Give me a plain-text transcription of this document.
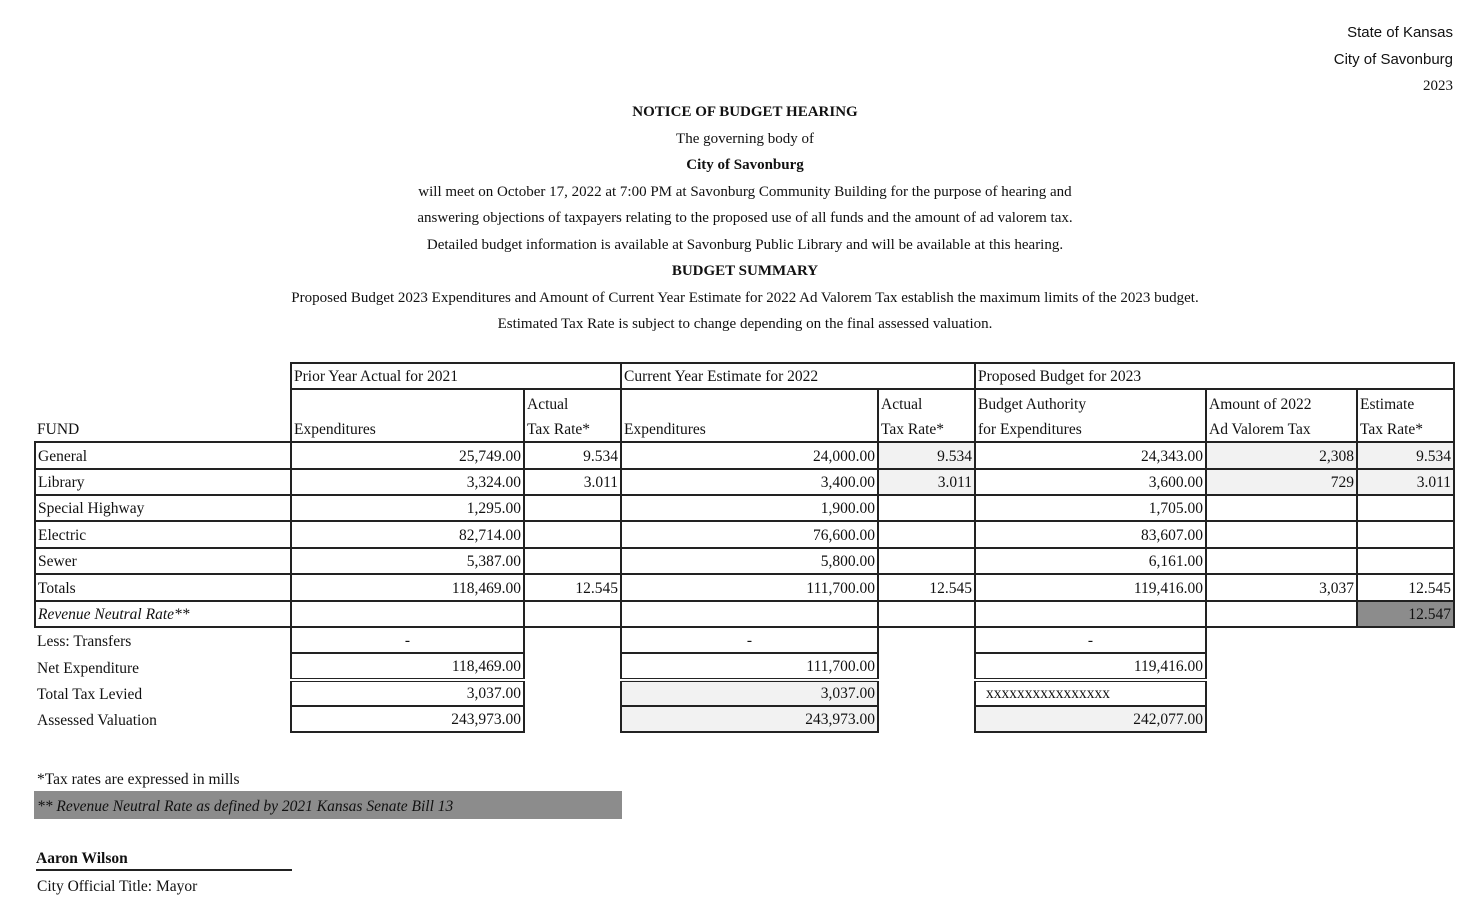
State of Kansas
City of Savonburg
2023
NOTICE OF BUDGET HEARING
The governing body of
City of Savonburg
will meet on October 17, 2022 at 7:00 PM at Savonburg Community Building for the purpose of hearing and
answering objections of taxpayers relating to the proposed use of all funds and the amount of ad valorem tax.
Detailed budget information is available at Savonburg Public Library and will be available at this hearing.
BUDGET SUMMARY
Proposed Budget 2023 Expenditures and Amount of Current Year Estimate for 2022 Ad Valorem Tax establish the maximum limits of the 2023 budget.
Estimated Tax Rate is subject to change depending on the final assessed valuation.
	Prior Year Actual for 2021		Current Year Estimate for 2022		Proposed Budget for 2023		
		Actual		Actual	Budget Authority	Amount of 2022	Estimate
FUND	Expenditures	Tax Rate*	Expenditures	Tax Rate*	for Expenditures	Ad Valorem Tax	Tax Rate*
General	25,749.00	9.534	24,000.00	9.534	24,343.00	2,308	9.534
Library	3,324.00	3.011	3,400.00	3.011	3,600.00	729	3.011
Special Highway	1,295.00		1,900.00		1,705.00		
Electric	82,714.00		76,600.00		83,607.00		
Sewer	5,387.00		5,800.00		6,161.00		
Totals	118,469.00	12.545	111,700.00	12.545	119,416.00	3,037	12.545
Revenue Neutral Rate**							12.547
Less: Transfers	-		-		-		
Net Expenditure	118,469.00		111,700.00		119,416.00		
Total Tax Levied	3,037.00		3,037.00		xxxxxxxxxxxxxxxx		
Assessed Valuation	243,973.00		243,973.00		242,077.00		
*Tax rates are expressed in mills
** Revenue Neutral Rate as defined by 2021 Kansas Senate Bill 13
Aaron Wilson
City Official Title: Mayor
